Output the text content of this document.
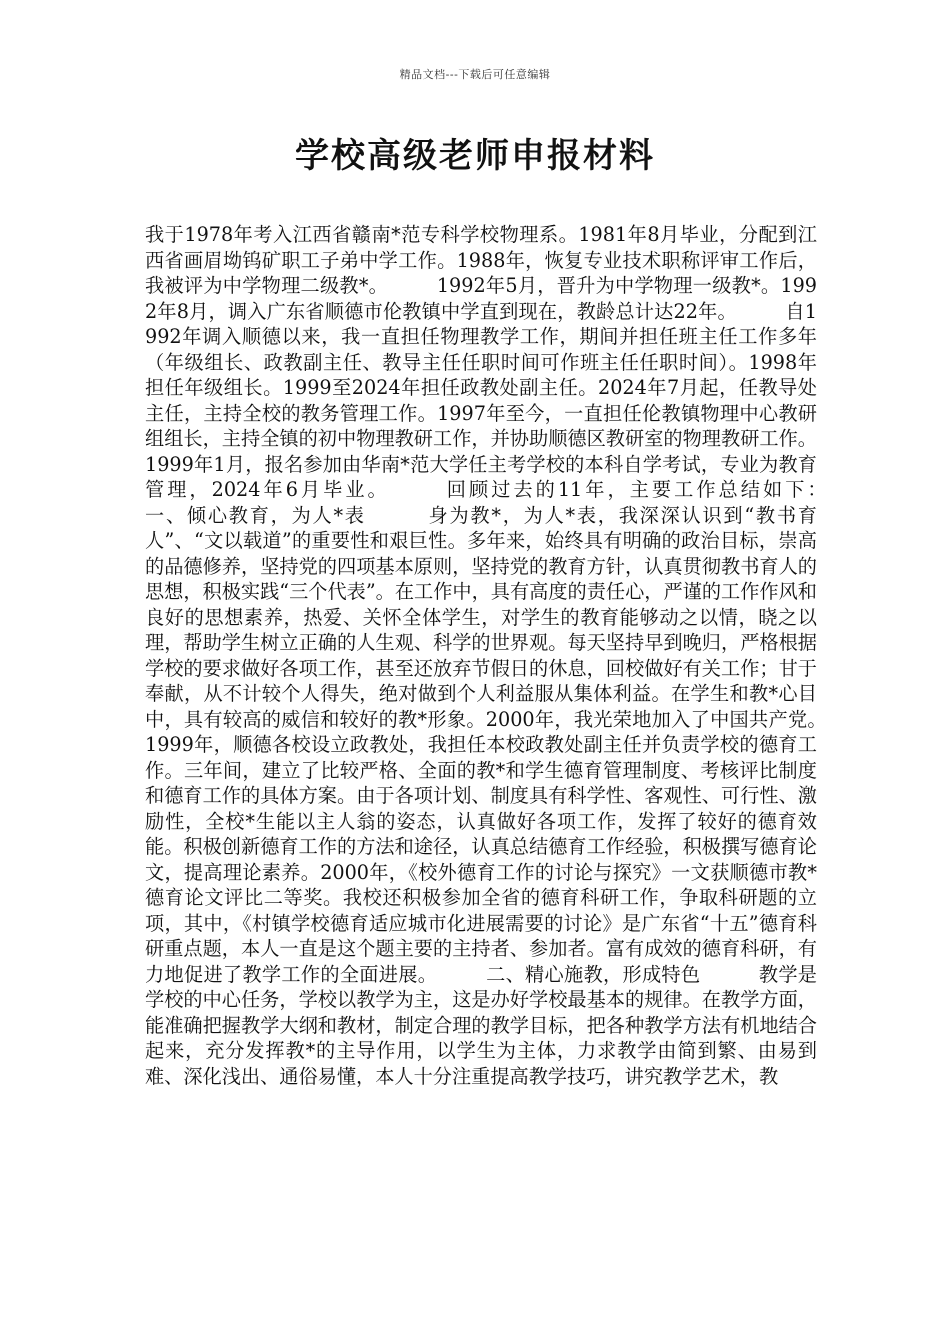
精品文档---下载后可任意编辑
学校高级老师申报材料

我于1978年考入江西省赣南*范专科学校物理系。1981年8月毕业，分配到江西省画眉坳钨矿职工子弟中学工作。1988年，恢复专业技术职称评审工作后，我被评为中学物理二级教*。　　　1992年5月，晋升为中学物理一级教*。1992年8月，调入广东省顺德市伦教镇中学直到现在，教龄总计达22年。　　　自1992年调入顺德以来，我一直担任物理教学工作，期间并担任班主任工作多年（年级组长、政教副主任、教导主任任职时间可作班主任任职时间）。1998年担任年级组长。1999至2024年担任政教处副主任。2024年7月起，任教导处主任，主持全校的教务管理工作。1997年至今，一直担任伦教镇物理中心教研组组长，主持全镇的初中物理教研工作，并协助顺德区教研室的物理教研工作。1999年1月，报名参加由华南*范大学任主考学校的本科自学考试，专业为教育管理，2024年6月毕业。　　　回顾过去的11年，主要工作总结如下：　　　一、倾心教育，为人*表　　　身为教*，为人*表，我深深认识到“教书育人”、“文以载道”的重要性和艰巨性。多年来，始终具有明确的政治目标，崇高的品德修养，坚持党的四项基本原则，坚持党的教育方针，认真贯彻教书育人的思想，积极实践“三个代表”。在工作中，具有高度的责任心，严谨的工作作风和良好的思想素养，热爱、关怀全体学生，对学生的教育能够动之以情，晓之以理，帮助学生树立正确的人生观、科学的世界观。每天坚持早到晚归，严格根据学校的要求做好各项工作，甚至还放弃节假日的休息，回校做好有关工作；甘于奉献，从不计较个人得失，绝对做到个人利益服从集体利益。在学生和教*心目中，具有较高的威信和较好的教*形象。2000年，我光荣地加入了中国共产党。　　　1999年，顺德各校设立政教处，我担任本校政教处副主任并负责学校的德育工作。三年间，建立了比较严格、全面的教*和学生德育管理制度、考核评比制度和德育工作的具体方案。由于各项计划、制度具有科学性、客观性、可行性、激励性，全校*生能以主人翁的姿态，认真做好各项工作，发挥了较好的德育效能。积极创新德育工作的方法和途径，认真总结德育工作经验，积极撰写德育论文，提高理论素养。2000年，《校外德育工作的讨论与探究》一文获顺德市教*德育论文评比二等奖。我校还积极参加全省的德育科研工作，争取科研题的立项，其中，《村镇学校德育适应城市化进展需要的讨论》是广东省“十五”德育科研重点题，本人一直是这个题主要的主持者、参加者。富有成效的德育科研，有力地促进了教学工作的全面进展。　　　二、精心施教，形成特色　　　教学是学校的中心任务，学校以教学为主，这是办好学校最基本的规律。在教学方面，能准确把握教学大纲和教材，制定合理的教学目标，把各种教学方法有机地结合起来，充分发挥教*的主导作用，以学生为主体，力求教学由简到繁、由易到难、深化浅出、通俗易懂，本人十分注重提高教学技巧，讲究教学艺术，教
